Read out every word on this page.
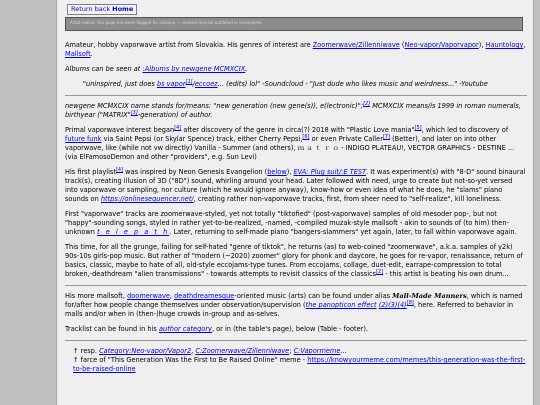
Return back Home
Artist notice: this page has been flagged for cleanup — content may be outdated or incomplete.

Amateur, hobby vaporwave artist from Slovakia. His genres of interest are Zoomerwave/Zillenniwave (Neo-vapor/Vaporvapor), Hauntology, Mallsoft.

Albums can be seen at :Albums by newgene MCMXCIX.

"uninspired, just does bs vapor[1]/eccoez... (edits) lol" -Soundcloud - "Just dude who likes music and weirdness..." -Youtube

newgene MCMXCIX name stands for/means: "new generation (new gene(s)), e(lectronic)";[2] MCMXCIX means/is 1999 in roman numerals, birthyear ("MATRIX"[3]-generation) of author.

Primal vaporwave interest began[4] after discovery of the genre in circa(?) 2018 with "Plastic Love mania"[5], which led to discovery of future funk via Saint Pepsi (or Skylar Spence) track, either Cherry Pepsi,[6] or even Private Caller[7] (Better), and later on into other vaporwave, like (while not vw directly) Vanilla - Summer (and others), ｍ ａ ｔ ｒ ｏ - INDIGO PLATEAU!, VECTOR GRAPHICS - DESTINE ... (via ElFamosoDemon and other "providers", e.g. Sun Levi)

His first playlist[4] was inspired by Neon Genesis Evangelion (below), EVA: Plug suit/:E TEST. It was experiment(s) with "8-D" sound binaural track(s), creating illusion of 3D ("8D") sound, whirling around your head. Later followed with need, urge to create but not-so-yet versed into vaporwave or sampling, nor culture (which he would ignore anyway), know-how or even idea of what he does, he "slams" piano sounds on https://onlinesequencer.net/, creating rather non-vaporwave tracks, first, from sheer need to "self-realize", kill loneliness.

First "vaporwave" tracks are zoomerwave-styled, yet not totally "tiktofied" (post-vaporwave) samples of old mesoder pop-, but not "happy"-sounding songs, styled in rather yet-to-be-realized, -named, -compiled muzak-style mallsoft - akin to sounds of (to him) then-unknown t e l e p a t h. Later, returning to self-made piano "bangers-slammers" yet again, later, to fall within vaporwave again.

This time, for all the grunge, failing for self-hated "genre of tiktok", he returns (as) to web-coined "zoomerwave", a.k.a. samples of y2k) 90s-10s girls-pop music. But rather of "modern (~2020) zoomer" glory for phonk and daycore, he goes for re-vapor, renaissance, return of basics, classic, maybe to hate of all, old-style eccojams-type tunes. From eccojams, collage, duet-edit, earrape-compression to total broken,-deathdream "alien transmissions" - towards attempts to revisit classics of the classics[2] - this artist is beating his own drum...

His more mallsoft, doomerwave, deathdreamesque-oriented music (arts) can be found under alias Mall-Made Manners, which is named for/after how people change themselves under observation/supervision (the panopticon effect (2)(3)(4)[8], here. Referred to behavior in malls and/or when in (then-)huge crowds in-group and as-selves.

Tracklist can be found in his author category, or in (the table's page), below (Table - footer).

↑ resp. Category:Neo-vapor/Vapor2, C:Zoomerwave/Zillenniwave; C:Vapormeme...
↑ farce of "This Generation Was the First to Be Raised Online" meme - https://knowyourmeme.com/memes/this-generation-was-the-first-to-be-raised-online
